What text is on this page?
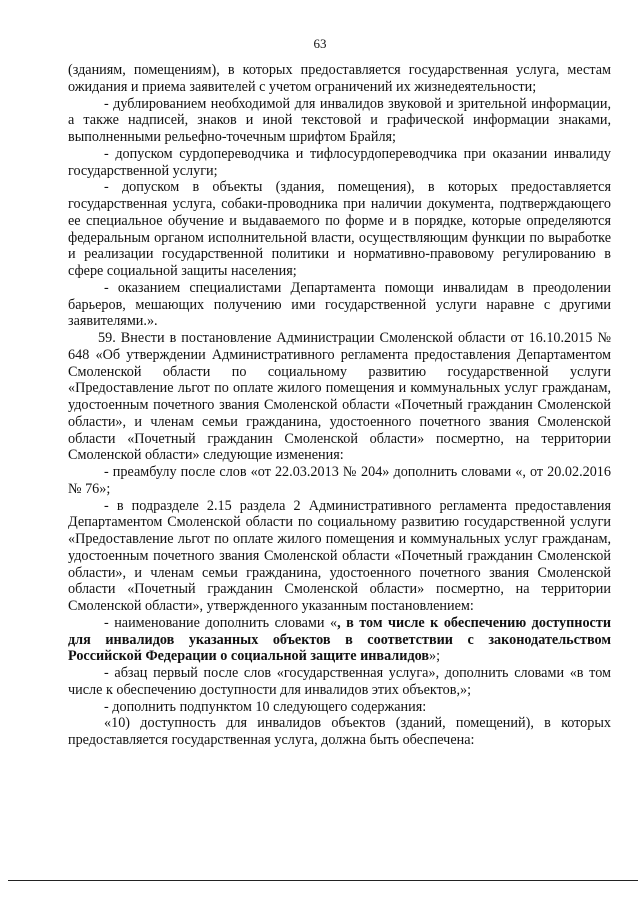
63

(зданиям, помещениям), в которых предоставляется государственная услуга, местам ожидания и приема заявителей с учетом ограничений их жизнедеятельности;

- дублированием необходимой для инвалидов звуковой и зрительной информации, а также надписей, знаков и иной текстовой и графической информации знаками, выполненными рельефно-точечным шрифтом Брайля;

- допуском сурдопереводчика и тифлосурдопереводчика при оказании инвалиду государственной услуги;

- допуском в объекты (здания, помещения), в которых предоставляется государственная услуга, собаки-проводника при наличии документа, подтверждающего ее специальное обучение и выдаваемого по форме и в порядке, которые определяются федеральным органом исполнительной власти, осуществляющим функции по выработке и реализации государственной политики и нормативно-правовому регулированию в сфере социальной защиты населения;

- оказанием специалистами Департамента помощи инвалидам в преодолении барьеров, мешающих получению ими государственной услуги наравне с другими заявителями.».

59. Внести в постановление Администрации Смоленской области от 16.10.2015 № 648 «Об утверждении Административного регламента предоставления Департаментом Смоленской области по социальному развитию государственной услуги «Предоставление льгот по оплате жилого помещения и коммунальных услуг гражданам, удостоенным почетного звания Смоленской области «Почетный гражданин Смоленской области», и членам семьи гражданина, удостоенного почетного звания Смоленской области «Почетный гражданин Смоленской области» посмертно, на территории Смоленской области» следующие изменения:

- преамбулу после слов «от 22.03.2013 № 204» дополнить словами «, от 20.02.2016 № 76»;

- в подразделе 2.15 раздела 2 Административного регламента предоставления Департаментом Смоленской области по социальному развитию государственной услуги «Предоставление льгот по оплате жилого помещения и коммунальных услуг гражданам, удостоенным почетного звания Смоленской области «Почетный гражданин Смоленской области», и членам семьи гражданина, удостоенного почетного звания Смоленской области «Почетный гражданин Смоленской области» посмертно, на территории Смоленской области», утвержденного указанным постановлением:

- наименование дополнить словами «, в том числе к обеспечению доступности для инвалидов указанных объектов в соответствии с законодательством Российской Федерации о социальной защите инвалидов»;

- абзац первый после слов «государственная услуга», дополнить словами «в том числе к обеспечению доступности для инвалидов этих объектов,»;

- дополнить подпунктом 10 следующего содержания:

«10) доступность для инвалидов объектов (зданий, помещений), в которых предоставляется государственная услуга, должна быть обеспечена:
